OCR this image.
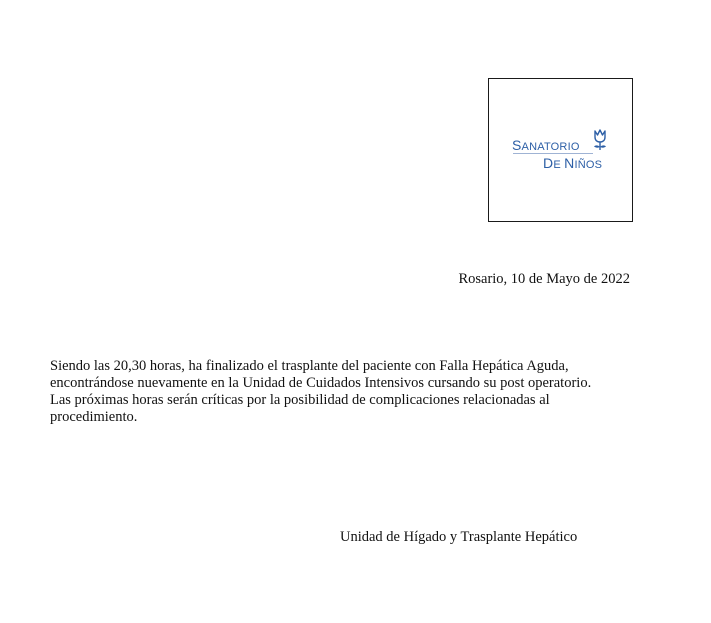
SANATORIO
DE NIÑOS
Rosario, 10 de Mayo de 2022
Siendo las 20,30 horas, ha finalizado el trasplante del paciente con Falla Hepática Aguda,
encontrándose nuevamente en la Unidad de Cuidados Intensivos cursando su post operatorio.
Las próximas horas serán críticas por la posibilidad de complicaciones relacionadas al
procedimiento.
Unidad de Hígado y Trasplante Hepático
